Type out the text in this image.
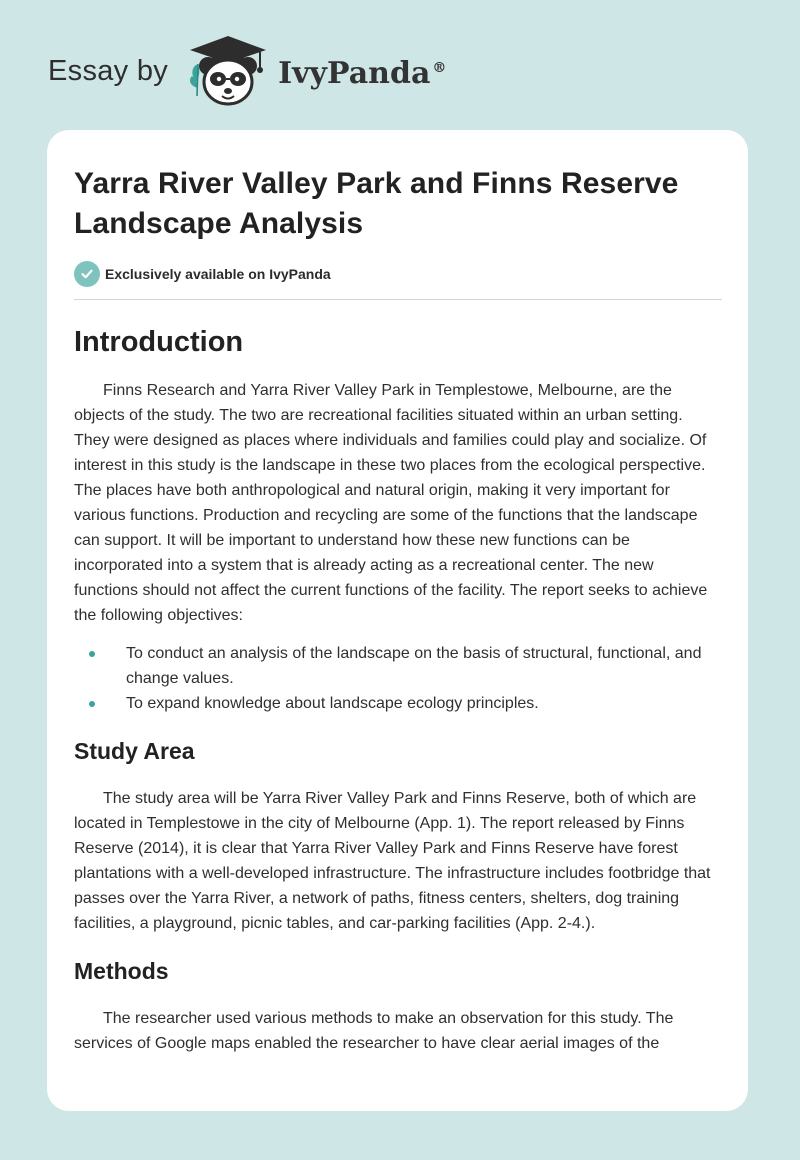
Essay by	IvyPanda ®
Yarra River Valley Park and Finns Reserve Landscape Analysis
Exclusively available on IvyPanda
Introduction

Finns Research and Yarra River Valley Park in Templestowe, Melbourne, are the objects of the study. The two are recreational facilities situated within an urban setting. They were designed as places where individuals and families could play and socialize. Of interest in this study is the landscape in these two places from the ecological perspective. The places have both anthropological and natural origin, making it very important for various functions. Production and recycling are some of the functions that the landscape can support. It will be important to understand how these new functions can be incorporated into a system that is already acting as a recreational center. The new functions should not affect the current functions of the facility. The report seeks to achieve the following objectives:

To conduct an analysis of the landscape on the basis of structural, functional, and change values.
To expand knowledge about landscape ecology principles.
Study Area

The study area will be Yarra River Valley Park and Finns Reserve, both of which are located in Templestowe in the city of Melbourne (App. 1). The report released by Finns Reserve (2014), it is clear that Yarra River Valley Park and Finns Reserve have forest plantations with a well-developed infrastructure. The infrastructure includes footbridge that passes over the Yarra River, a network of paths, fitness centers, shelters, dog training facilities, a playground, picnic tables, and car-parking facilities (App. 2-4.).

Methods

The researcher used various methods to make an observation for this study. The services of Google maps enabled the researcher to have clear aerial images of the
